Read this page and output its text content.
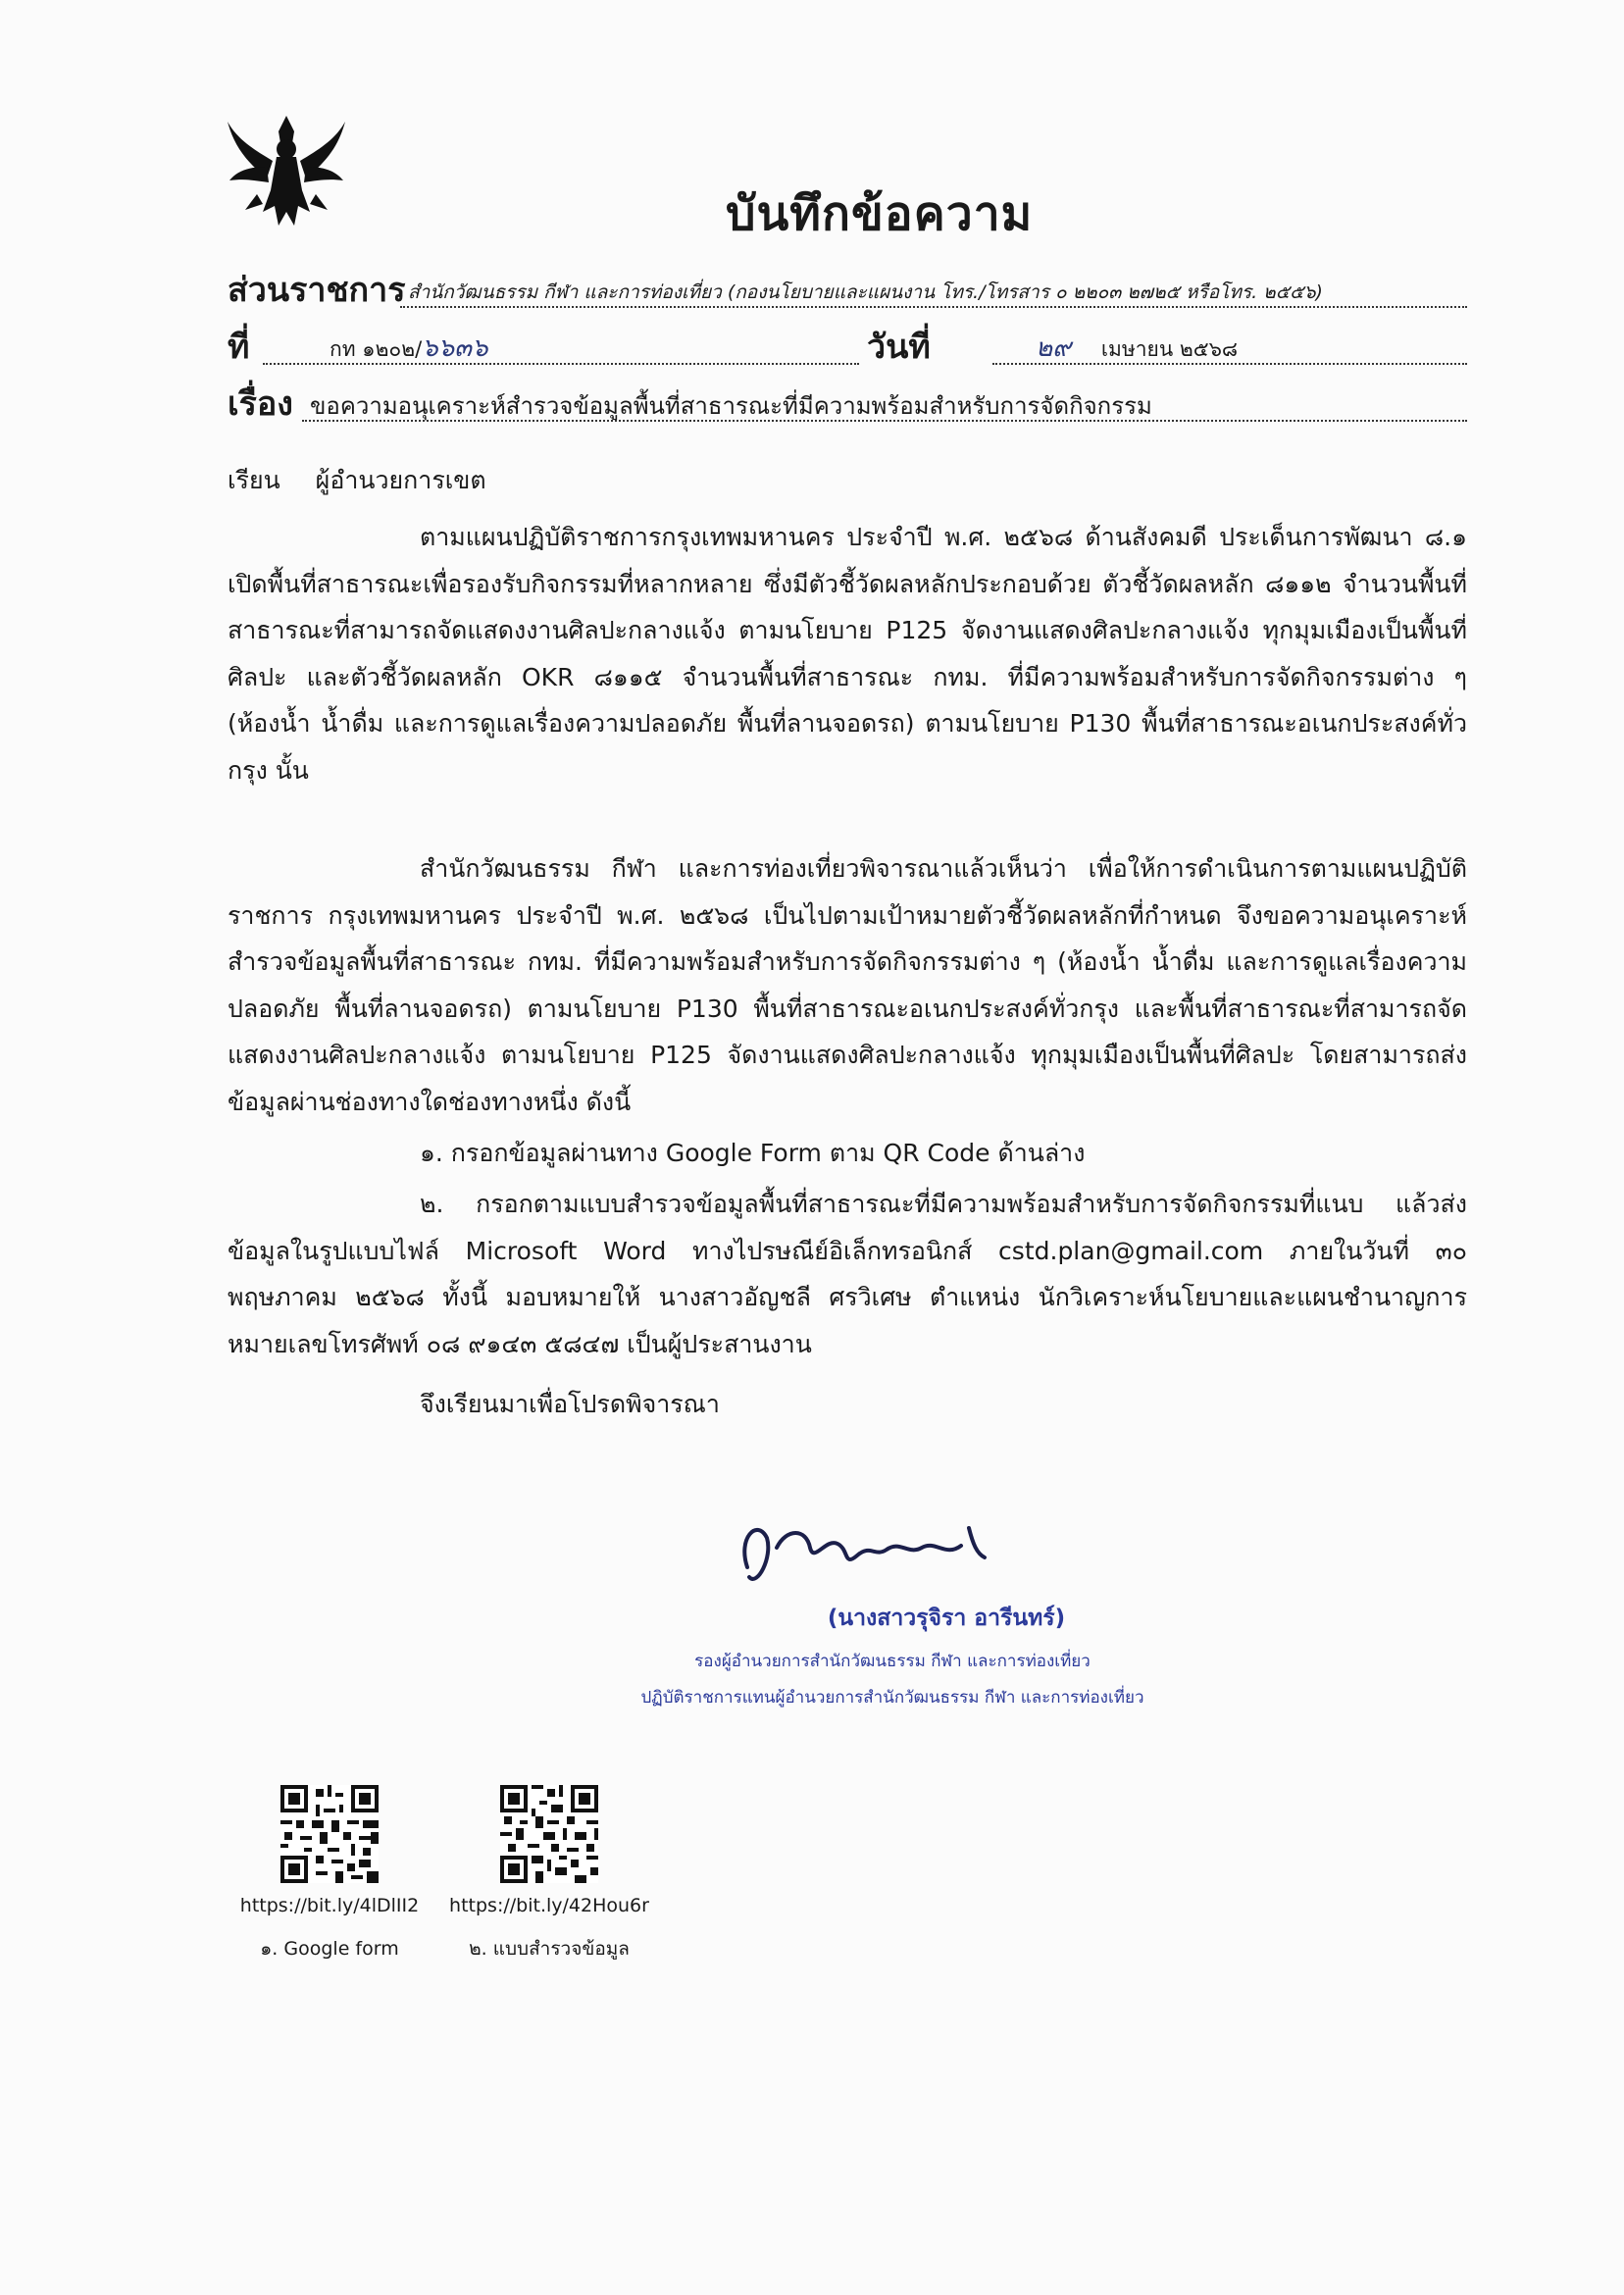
บันทึกข้อความ
ส่วนราชการ สำนักวัฒนธรรม กีฬา และการท่องเที่ยว (กองนโยบายและแผนงาน โทร./โทรสาร ๐ ๒๒๐๓ ๒๗๒๕ หรือโทร. ๒๕๕๖)
ที่	กท ๑๒๐๒/๖๖๓๖	วันที่	๒๙ เมษายน ๒๕๖๘
เรื่อง ขอความอนุเคราะห์สำรวจข้อมูลพื้นที่สาธารณะที่มีความพร้อมสำหรับการจัดกิจกรรม
เรียน ผู้อำนวยการเขต
ตามแผนปฏิบัติราชการกรุงเทพมหานคร ประจำปี พ.ศ. ๒๕๖๘ ด้านสังคมดี ประเด็นการพัฒนา ๘.๑ เปิดพื้นที่สาธารณะเพื่อรองรับกิจกรรมที่หลากหลาย ซึ่งมีตัวชี้วัดผลหลักประกอบด้วย ตัวชี้วัดผลหลัก ๘๑๑๒ จำนวนพื้นที่สาธารณะที่สามารถจัดแสดงงานศิลปะกลางแจ้ง ตามนโยบาย P125 จัดงานแสดงศิลปะกลางแจ้ง ทุกมุมเมืองเป็นพื้นที่ศิลปะ และตัวชี้วัดผลหลัก OKR ๘๑๑๕ จำนวนพื้นที่สาธารณะ กทม. ที่มีความพร้อมสำหรับการจัดกิจกรรมต่าง ๆ (ห้องน้ำ น้ำดื่ม และการดูแลเรื่องความปลอดภัย พื้นที่ลานจอดรถ) ตามนโยบาย P130 พื้นที่สาธารณะอเนกประสงค์ทั่วกรุง นั้น
สำนักวัฒนธรรม กีฬา และการท่องเที่ยวพิจารณาแล้วเห็นว่า เพื่อให้การดำเนินการตามแผนปฏิบัติราชการ กรุงเทพมหานคร ประจำปี พ.ศ. ๒๕๖๘ เป็นไปตามเป้าหมายตัวชี้วัดผลหลักที่กำหนด จึงขอความอนุเคราะห์สำรวจข้อมูลพื้นที่สาธารณะ กทม. ที่มีความพร้อมสำหรับการจัดกิจกรรมต่าง ๆ (ห้องน้ำ น้ำดื่ม และการดูแลเรื่องความปลอดภัย พื้นที่ลานจอดรถ) ตามนโยบาย P130 พื้นที่สาธารณะอเนกประสงค์ทั่วกรุง และพื้นที่สาธารณะที่สามารถจัดแสดงงานศิลปะกลางแจ้ง ตามนโยบาย P125 จัดงานแสดงศิลปะกลางแจ้ง ทุกมุมเมืองเป็นพื้นที่ศิลปะ โดยสามารถส่งข้อมูลผ่านช่องทางใดช่องทางหนึ่ง ดังนี้
๑. กรอกข้อมูลผ่านทาง Google Form ตาม QR Code ด้านล่าง
๒. กรอกตามแบบสำรวจข้อมูลพื้นที่สาธารณะที่มีความพร้อมสำหรับการจัดกิจกรรมที่แนบ แล้วส่งข้อมูลในรูปแบบไฟล์ Microsoft Word ทางไปรษณีย์อิเล็กทรอนิกส์ cstd.plan@gmail.com ภายในวันที่ ๓๐ พฤษภาคม ๒๕๖๘ ทั้งนี้ มอบหมายให้ นางสาวอัญชลี ศรวิเศษ ตำแหน่ง นักวิเคราะห์นโยบายและแผนชำนาญการ หมายเลขโทรศัพท์ ๐๘ ๙๑๔๓ ๕๘๔๗ เป็นผู้ประสานงาน
จึงเรียนมาเพื่อโปรดพิจารณา
(นางสาวรุจิรา อารีนทร์)
รองผู้อำนวยการสำนักวัฒนธรรม กีฬา และการท่องเที่ยว
ปฏิบัติราชการแทนผู้อำนวยการสำนักวัฒนธรรม กีฬา และการท่องเที่ยว
https://bit.ly/4lDlII2
๑. Google form
https://bit.ly/42Hou6r
๒. แบบสำรวจข้อมูล
